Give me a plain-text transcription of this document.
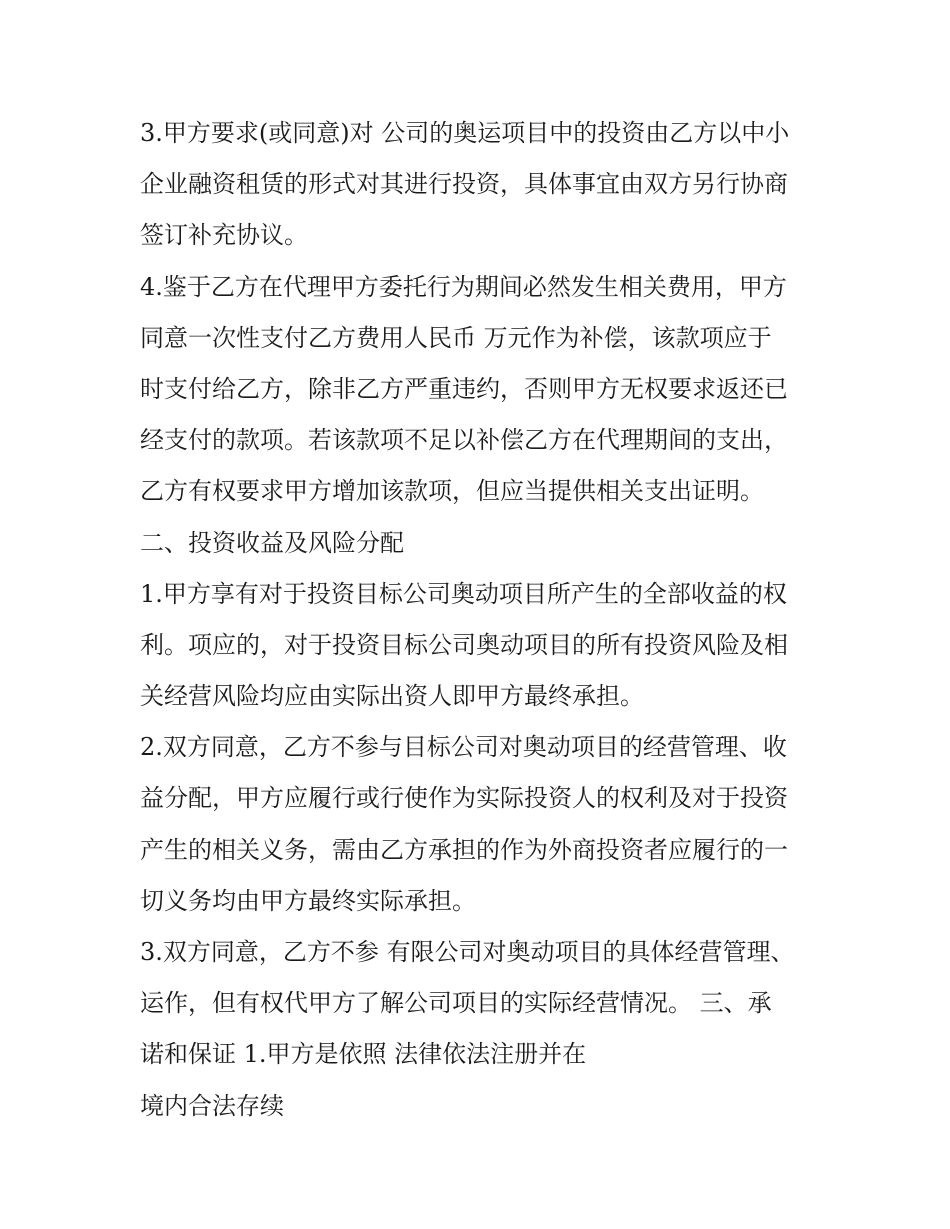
3.甲方要求(或同意)对 公司的奥运项目中的投资由乙方以中小
企业融资租赁的形式对其进行投资，具体事宜由双方另行协商
签订补充协议。
4.鉴于乙方在代理甲方委托行为期间必然发生相关费用，甲方
同意一次性支付乙方费用人民币 万元作为补偿，该款项应于
时支付给乙方，除非乙方严重违约，否则甲方无权要求返还已
经支付的款项。若该款项不足以补偿乙方在代理期间的支出，
乙方有权要求甲方增加该款项，但应当提供相关支出证明。
二、投资收益及风险分配
1.甲方享有对于投资目标公司奥动项目所产生的全部收益的权
利。项应的，对于投资目标公司奥动项目的所有投资风险及相
关经营风险均应由实际出资人即甲方最终承担。
2.双方同意，乙方不参与目标公司对奥动项目的经营管理、收
益分配，甲方应履行或行使作为实际投资人的权利及对于投资
产生的相关义务，需由乙方承担的作为外商投资者应履行的一
切义务均由甲方最终实际承担。
3.双方同意，乙方不参 有限公司对奥动项目的具体经营管理、
运作，但有权代甲方了解公司项目的实际经营情况。 三、承
诺和保证 1.甲方是依照 法律依法注册并在
境内合法存续
